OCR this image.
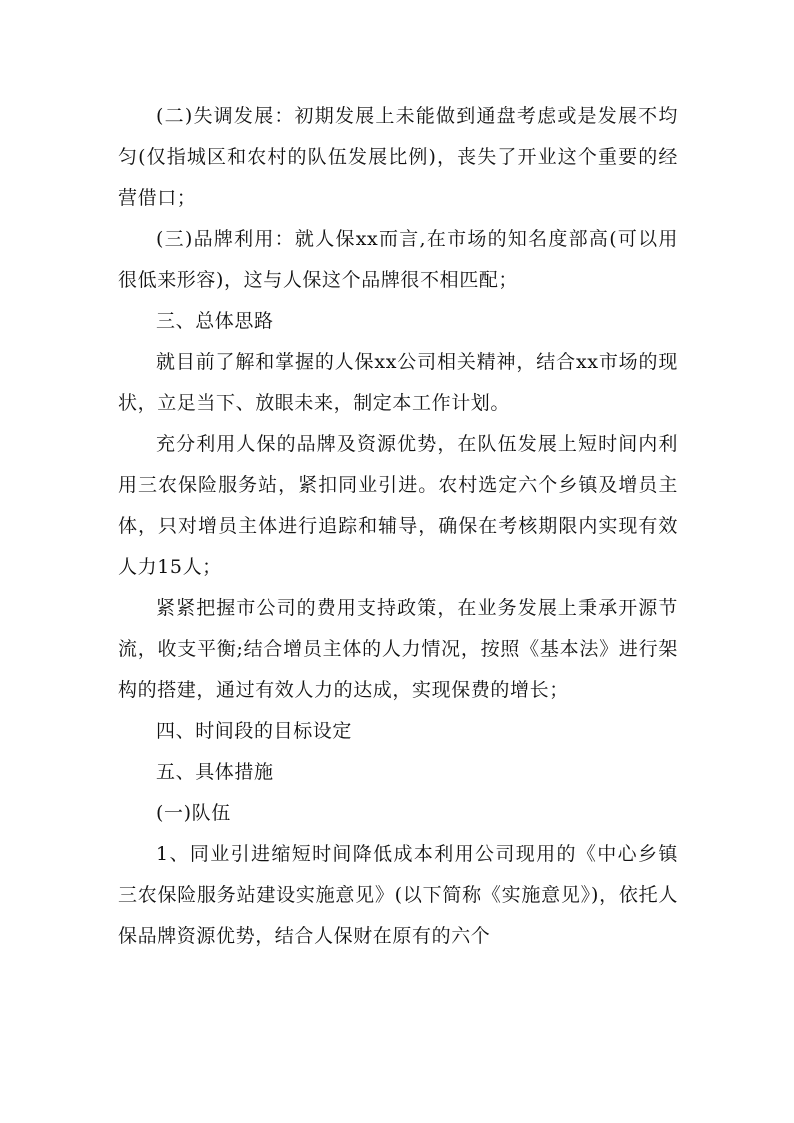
(二)失调发展：初期发展上未能做到通盘考虑或是发展不均匀(仅指城区和农村的队伍发展比例)，丧失了开业这个重要的经营借口；

(三)品牌利用：就人保xx而言,在市场的知名度部高(可以用很低来形容)，这与人保这个品牌很不相匹配；

三、总体思路

就目前了解和掌握的人保xx公司相关精神，结合xx市场的现状，立足当下、放眼未来，制定本工作计划。

充分利用人保的品牌及资源优势，在队伍发展上短时间内利用三农保险服务站，紧扣同业引进。农村选定六个乡镇及增员主体，只对增员主体进行追踪和辅导，确保在考核期限内实现有效人力15人；

紧紧把握市公司的费用支持政策，在业务发展上秉承开源节流，收支平衡;结合增员主体的人力情况，按照《基本法》进行架构的搭建，通过有效人力的达成，实现保费的增长；

四、时间段的目标设定

五、具体措施

(一)队伍

1、同业引进缩短时间降低成本利用公司现用的《中心乡镇三农保险服务站建设实施意见》(以下简称《实施意见》)，依托人保品牌资源优势，结合人保财在原有的六个
